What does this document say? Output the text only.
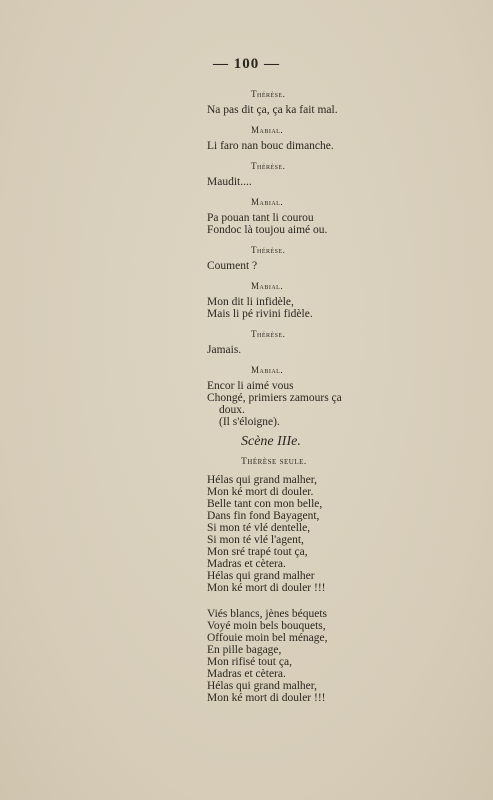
— 100 —
Thérèse.
Na pas dit ça, ça ka fait mal.
Mabial.
Li faro nan bouc dimanche.
Thérèse.
Maudit....
Mabial.
Pa pouan tant li courou
Fondoc là toujou aimé ou.
Thérèse.
Coument ?
Mabial.
Mon dit li infidèle,
Mais li pé rivini fidèle.
Thérèse.
Jamais.
Mabial.
Encor li aimé vous
Chongé, primiers zamours ça
doux.
(Il s'éloigne).
Scène IIIe.
Thérèse seule.
Hélas qui grand malher,
Mon ké mort di douler.
Belle tant con mon belle,
Dans fin fond Bayagent,
Si mon té vlé dentelle,
Si mon té vlé l'agent,
Mon sré trapé tout ça,
Madras et cètera.
Hélas qui grand malher
Mon ké mort di douler !!!
Viés blancs, jènes béquets
Voyé moin bels bouquets,
Offouie moin bel ménage,
En pille bagage,
Mon rifisé tout ça,
Madras et cètera.
Hélas qui grand malher,
Mon ké mort di douler !!!
